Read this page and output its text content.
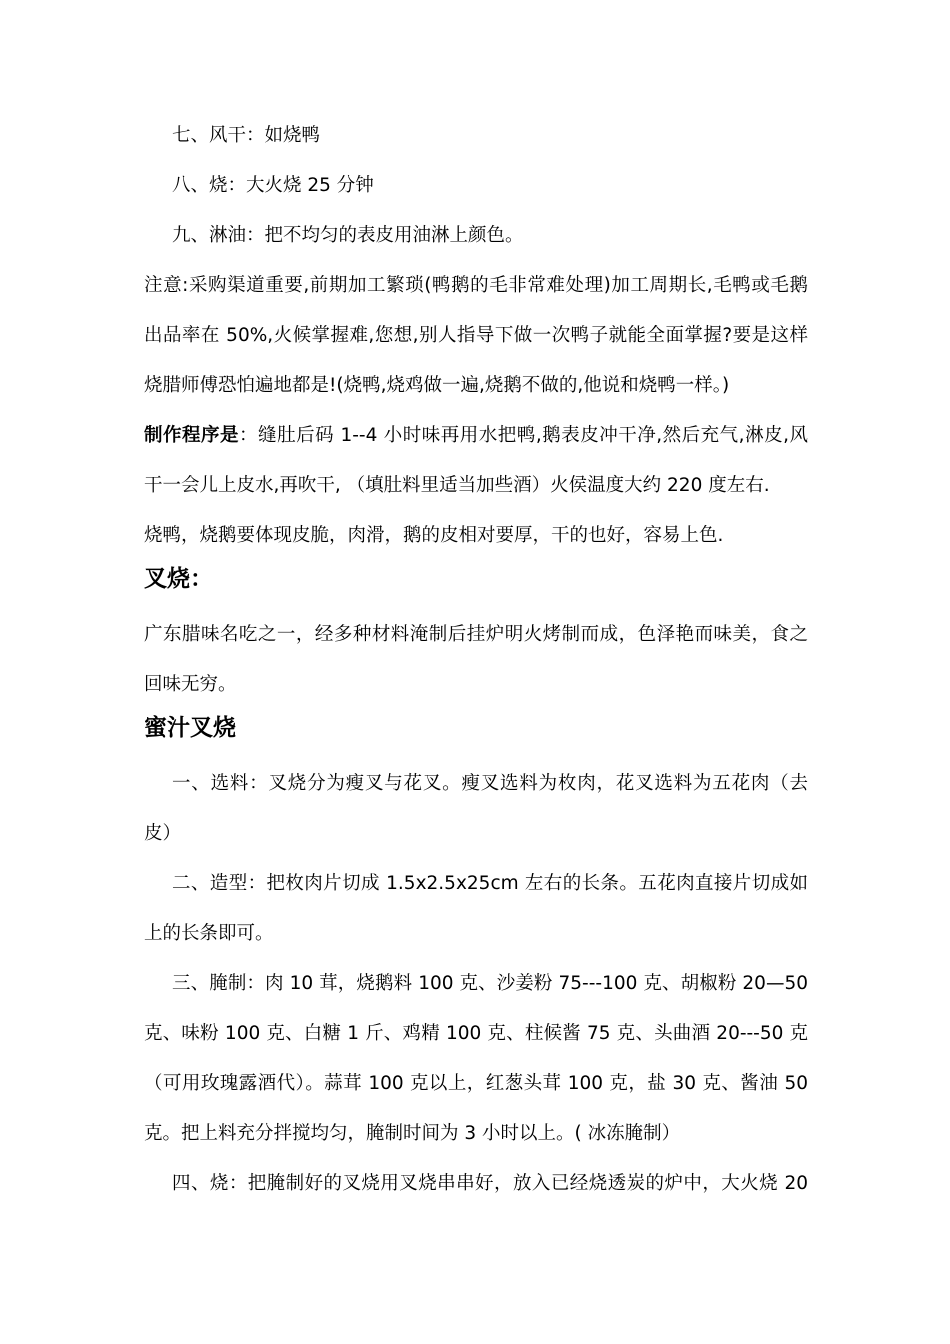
七、风干：如烧鸭
八、烧：大火烧 25 分钟
九、淋油：把不均匀的表皮用油淋上颜色。
注意:采购渠道重要,前期加工繁琐(鸭鹅的毛非常难处理)加工周期长,毛鸭或毛鹅
出品率在 50%,火候掌握难,您想,别人指导下做一次鸭子就能全面掌握?要是这样
烧腊师傅恐怕遍地都是!(烧鸭,烧鸡做一遍,烧鹅不做的,他说和烧鸭一样。)
制作程序是：缝肚后码 1--4 小时味再用水把鸭,鹅表皮冲干净,然后充气,淋皮,风
干一会儿上皮水,再吹干, （填肚料里适当加些酒）火侯温度大约 220 度左右.
烧鸭，烧鹅要体现皮脆，肉滑，鹅的皮相对要厚，干的也好，容易上色.
叉烧：
广东腊味名吃之一，经多种材料淹制后挂炉明火烤制而成，色泽艳而味美，食之
回味无穷。
蜜汁叉烧
一、选料：叉烧分为瘦叉与花叉。瘦叉选料为枚肉，花叉选料为五花肉（去
皮）
二、造型：把枚肉片切成 1.5x2.5x25cm 左右的长条。五花肉直接片切成如
上的长条即可。
三、腌制：肉 10 茸，烧鹅料 100 克、沙姜粉 75---100 克、胡椒粉 20—50
克、味粉 100 克、白糖 1 斤、鸡精 100 克、柱候酱 75 克、头曲酒 20---50 克
（可用玫瑰露酒代）。蒜茸 100 克以上，红葱头茸 100 克，盐 30 克、酱油 50
克。把上料充分拌搅均匀，腌制时间为 3 小时以上。( 冰冻腌制）
四、烧：把腌制好的叉烧用叉烧串串好，放入已经烧透炭的炉中，大火烧 20
